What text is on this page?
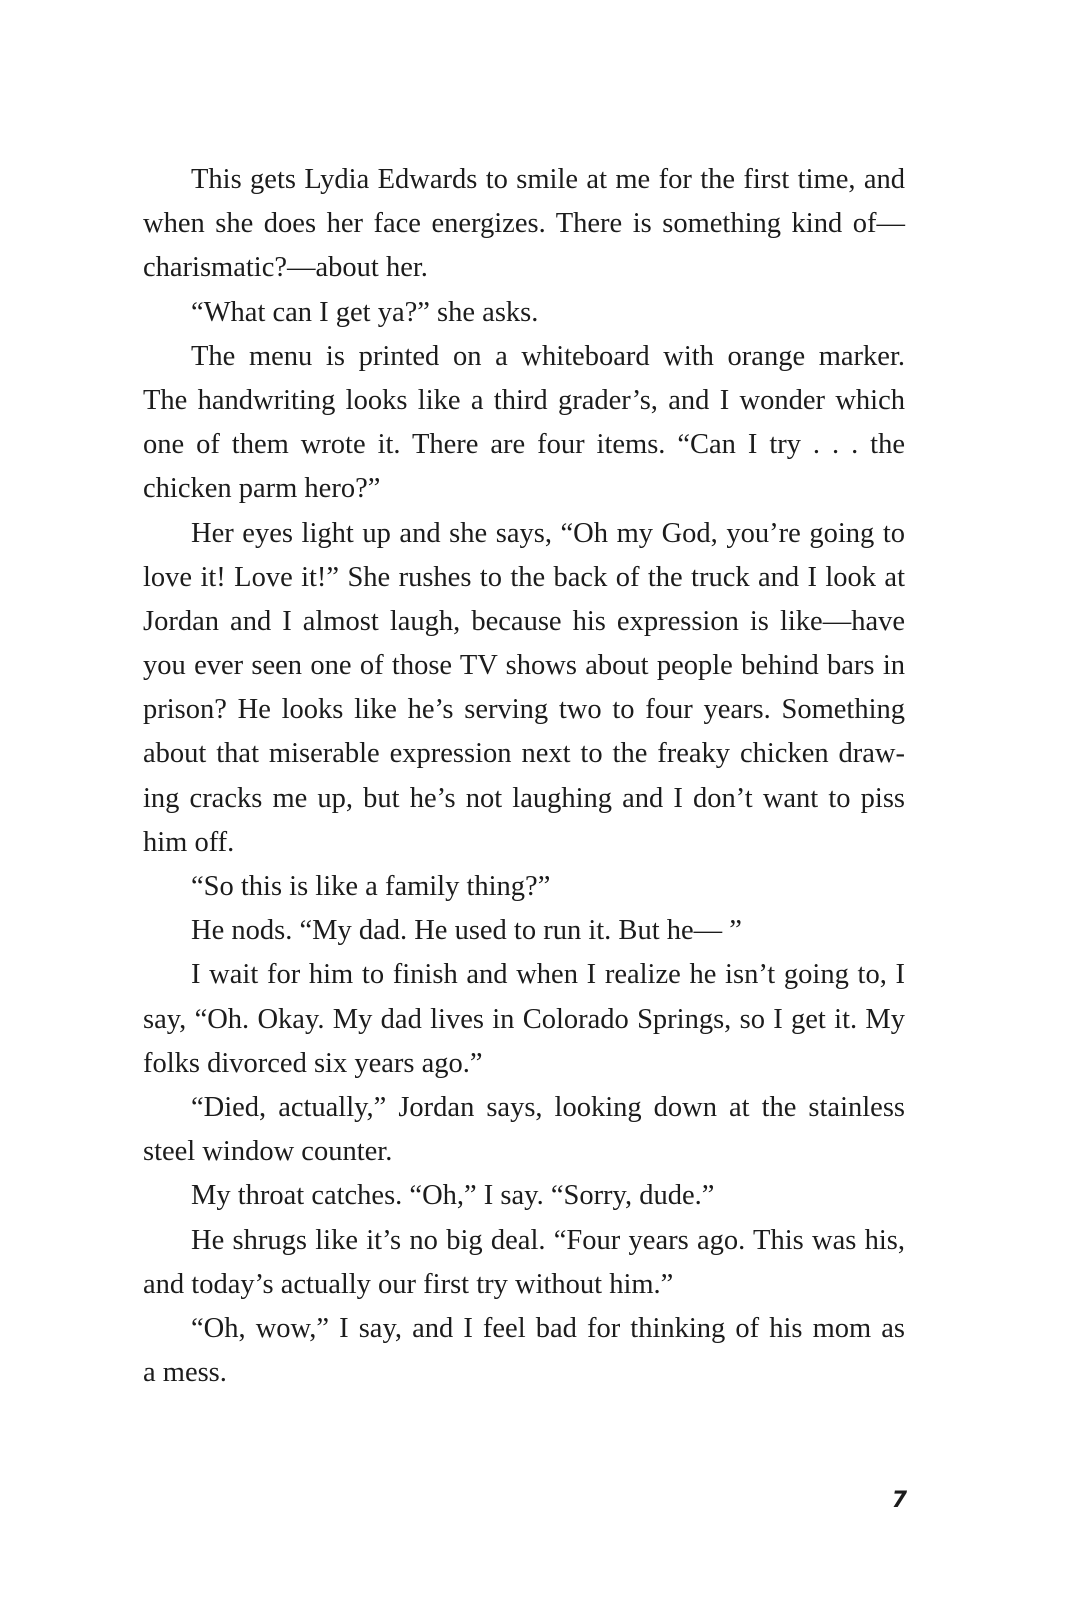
This gets Lydia Edwards to smile at me for the first time, and
when she does her face energizes. There is something kind of—
charismatic?—about her.
“What can I get ya?” she asks.
The menu is printed on a whiteboard with orange marker.
The handwriting looks like a third grader’s, and I wonder which
one of them wrote it. There are four items. “Can I try . . . the
chicken parm hero?”
Her eyes light up and she says, “Oh my God, you’re going to
love it! Love it!” She rushes to the back of the truck and I look at
Jordan and I almost laugh, because his expression is like—have
you ever seen one of those TV shows about people behind bars in
prison? He looks like he’s serving two to four years. Something
about that miserable expression next to the freaky chicken draw-
ing cracks me up, but he’s not laughing and I don’t want to piss
him off.
“So this is like a family thing?”
He nods. “My dad. He used to run it. But he— ”
I wait for him to finish and when I realize he isn’t going to, I
say, “Oh. Okay. My dad lives in Colorado Springs, so I get it. My
folks divorced six years ago.”
“Died, actually,” Jordan says, looking down at the stainless
steel window counter.
My throat catches. “Oh,” I say. “Sorry, dude.”
He shrugs like it’s no big deal. “Four years ago. This was his,
and today’s actually our first try without him.”
“Oh, wow,” I say, and I feel bad for thinking of his mom as
a mess.
7
